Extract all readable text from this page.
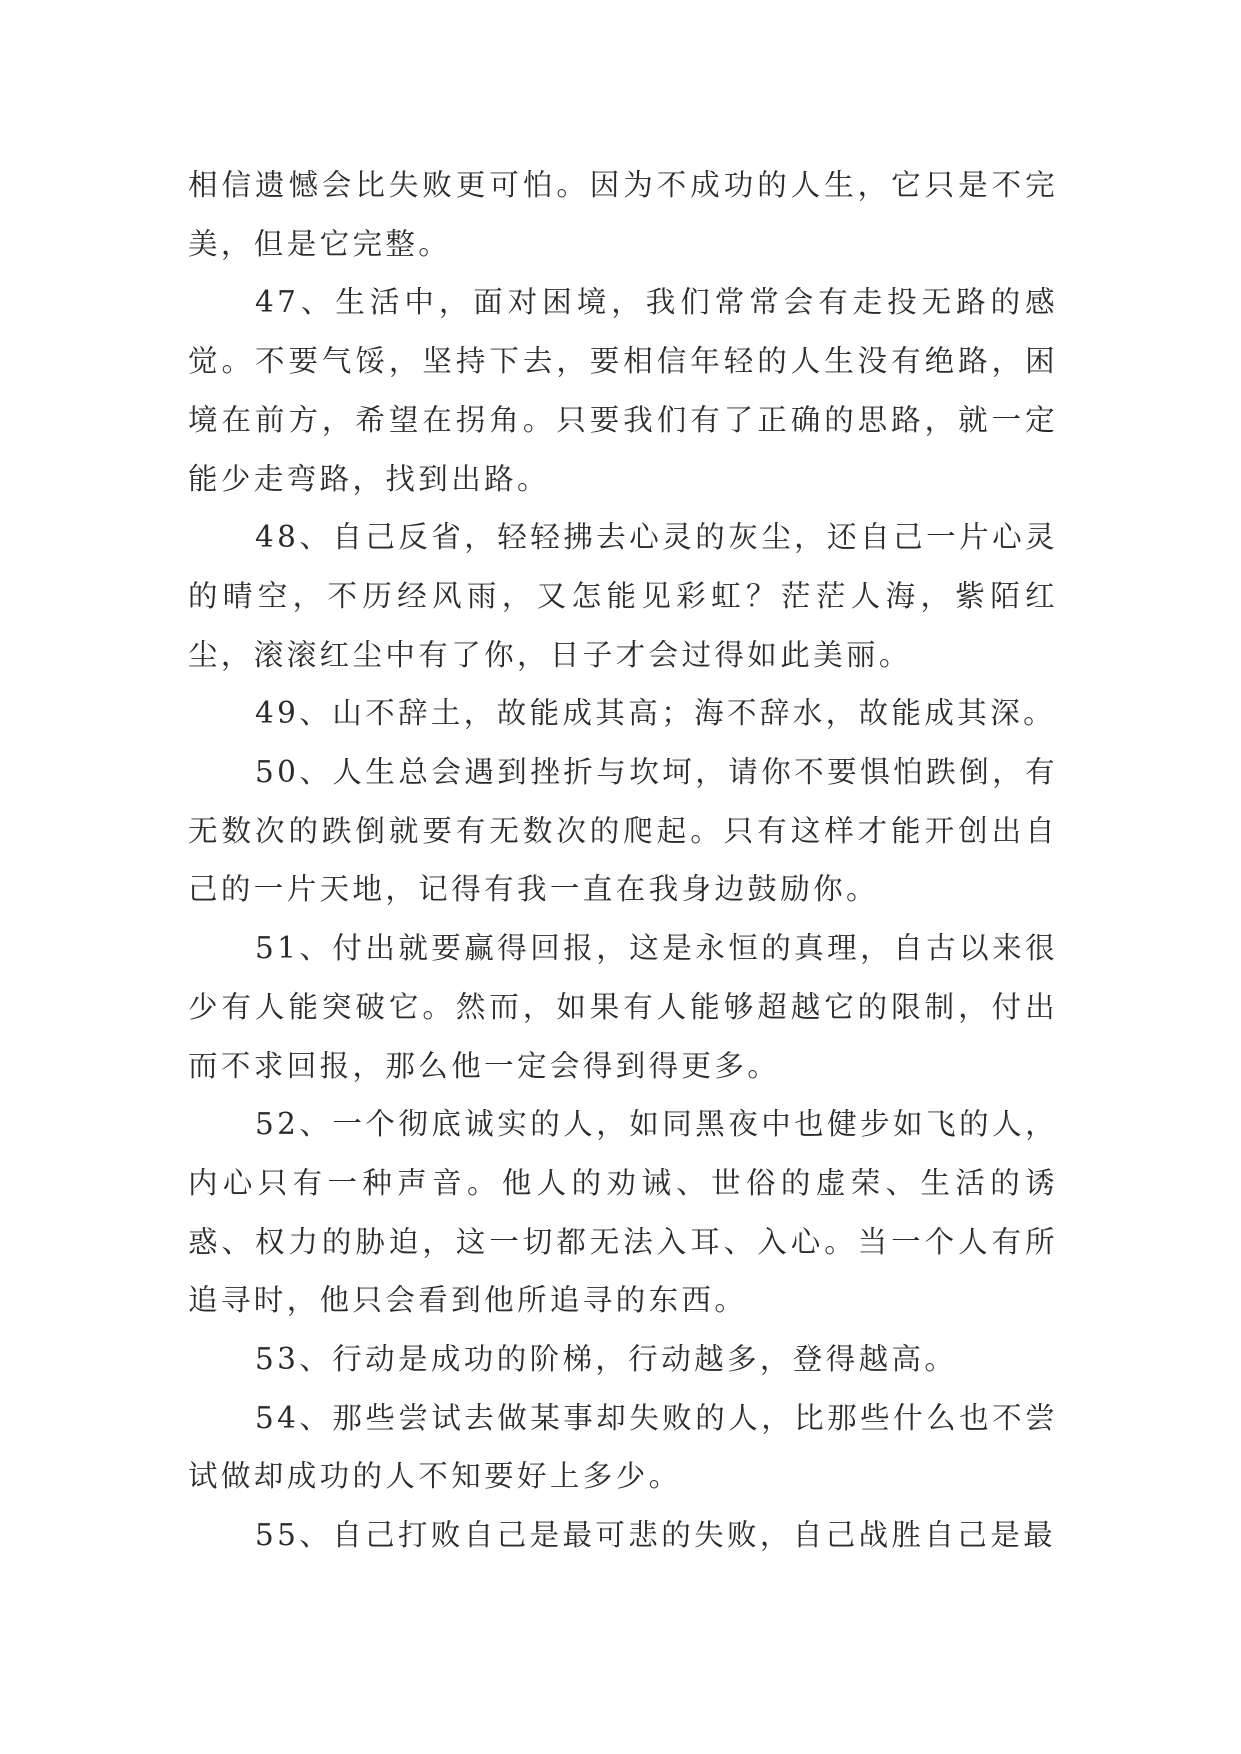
相信遗憾会比失败更可怕。因为不成功的人生，它只是不完美，但是它完整。

47、生活中，面对困境，我们常常会有走投无路的感觉。不要气馁，坚持下去，要相信年轻的人生没有绝路，困境在前方，希望在拐角。只要我们有了正确的思路，就一定能少走弯路，找到出路。

48、自己反省，轻轻拂去心灵的灰尘，还自己一片心灵的晴空，不历经风雨，又怎能见彩虹？茫茫人海，紫陌红尘，滚滚红尘中有了你，日子才会过得如此美丽。

49、山不辞土，故能成其高；海不辞水，故能成其深。

50、人生总会遇到挫折与坎坷，请你不要惧怕跌倒，有无数次的跌倒就要有无数次的爬起。只有这样才能开创出自己的一片天地，记得有我一直在我身边鼓励你。

51、付出就要赢得回报，这是永恒的真理，自古以来很少有人能突破它。然而，如果有人能够超越它的限制，付出而不求回报，那么他一定会得到得更多。

52、一个彻底诚实的人，如同黑夜中也健步如飞的人，内心只有一种声音。他人的劝诫、世俗的虚荣、生活的诱惑、权力的胁迫，这一切都无法入耳、入心。当一个人有所追寻时，他只会看到他所追寻的东西。

53、行动是成功的阶梯，行动越多，登得越高。

54、那些尝试去做某事却失败的人，比那些什么也不尝试做却成功的人不知要好上多少。

55、自己打败自己是最可悲的失败，自己战胜自己是最
